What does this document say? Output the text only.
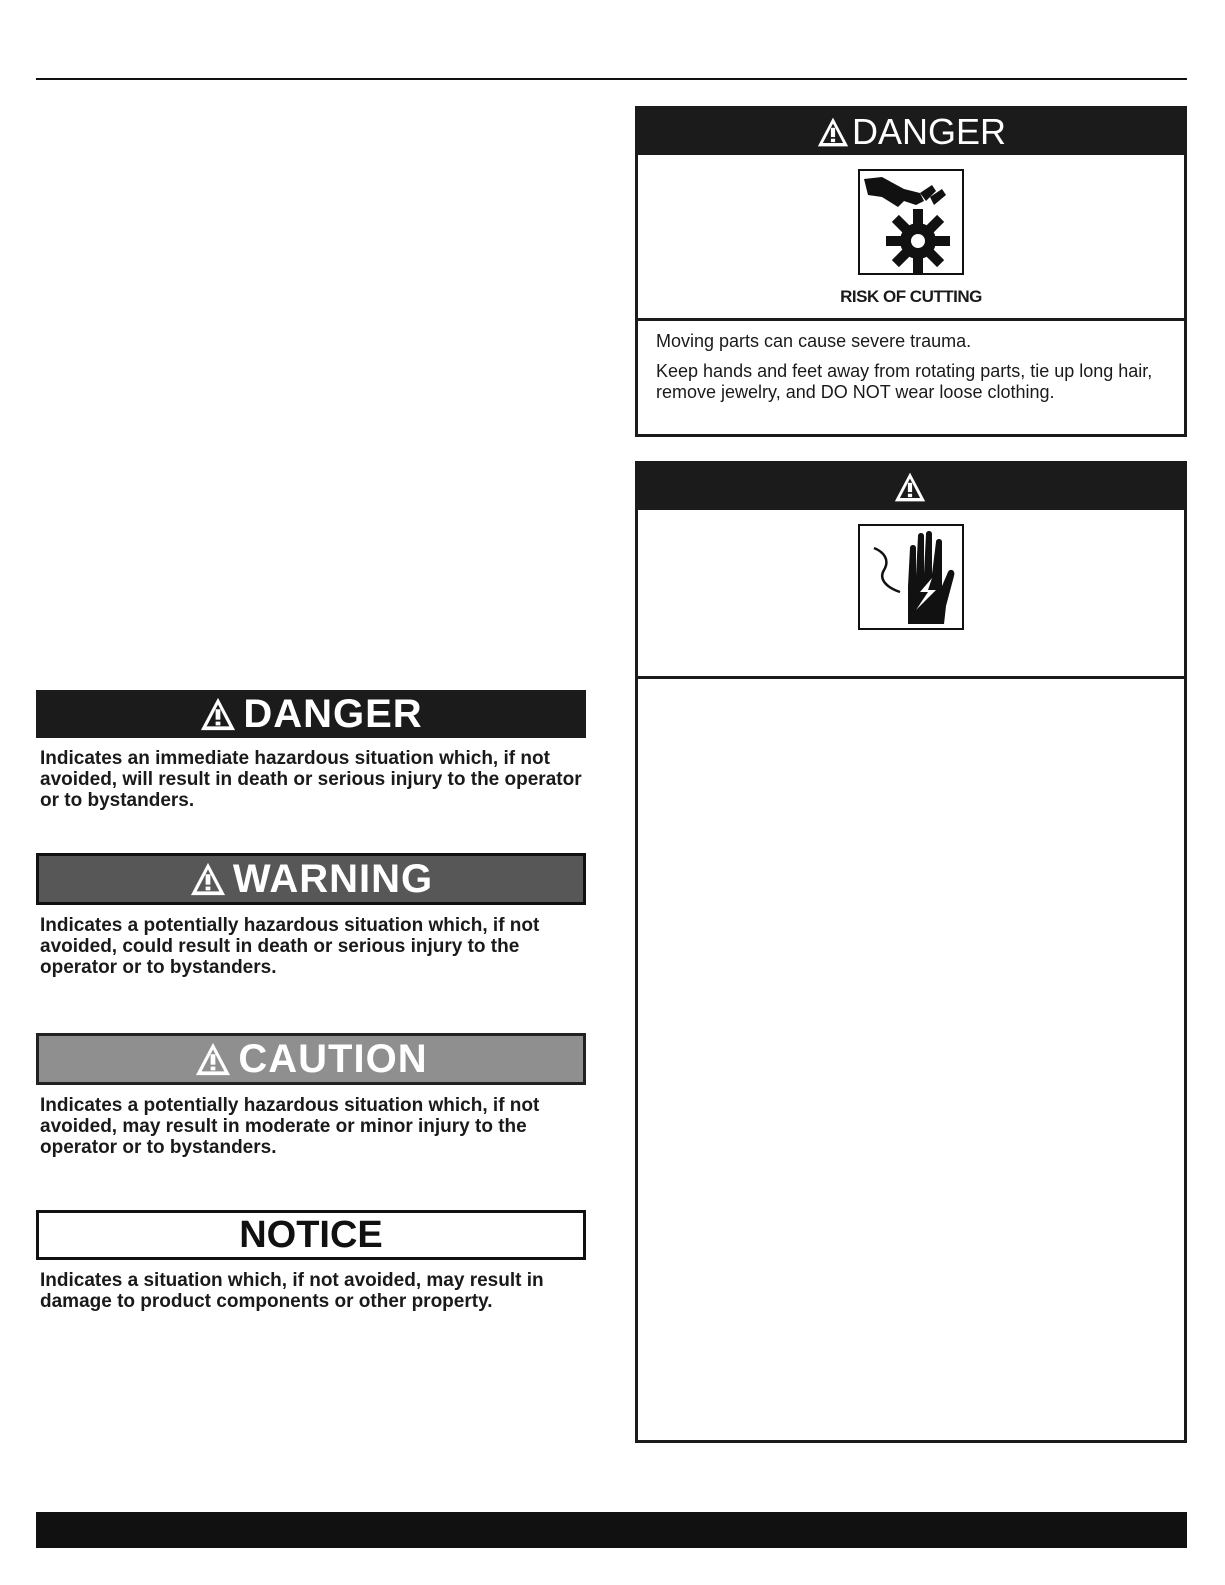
DANGER
Indicates an immediate hazardous situation which, if not avoided, will result in death or serious injury to the operator or to bystanders.
WARNING
Indicates a potentially hazardous situation which, if not avoided, could result in death or serious injury to the operator or to bystanders.
CAUTION
Indicates a potentially hazardous situation which, if not avoided, may result in moderate or minor injury to the operator or to bystanders.
NOTICE
Indicates a situation which, if not avoided, may result in damage to product components or other property.
DANGER
RISK OF CUTTING

Moving parts can cause severe trauma.

Keep hands and feet away from rotating parts, tie up long hair, remove jewelry, and DO NOT wear loose clothing.
